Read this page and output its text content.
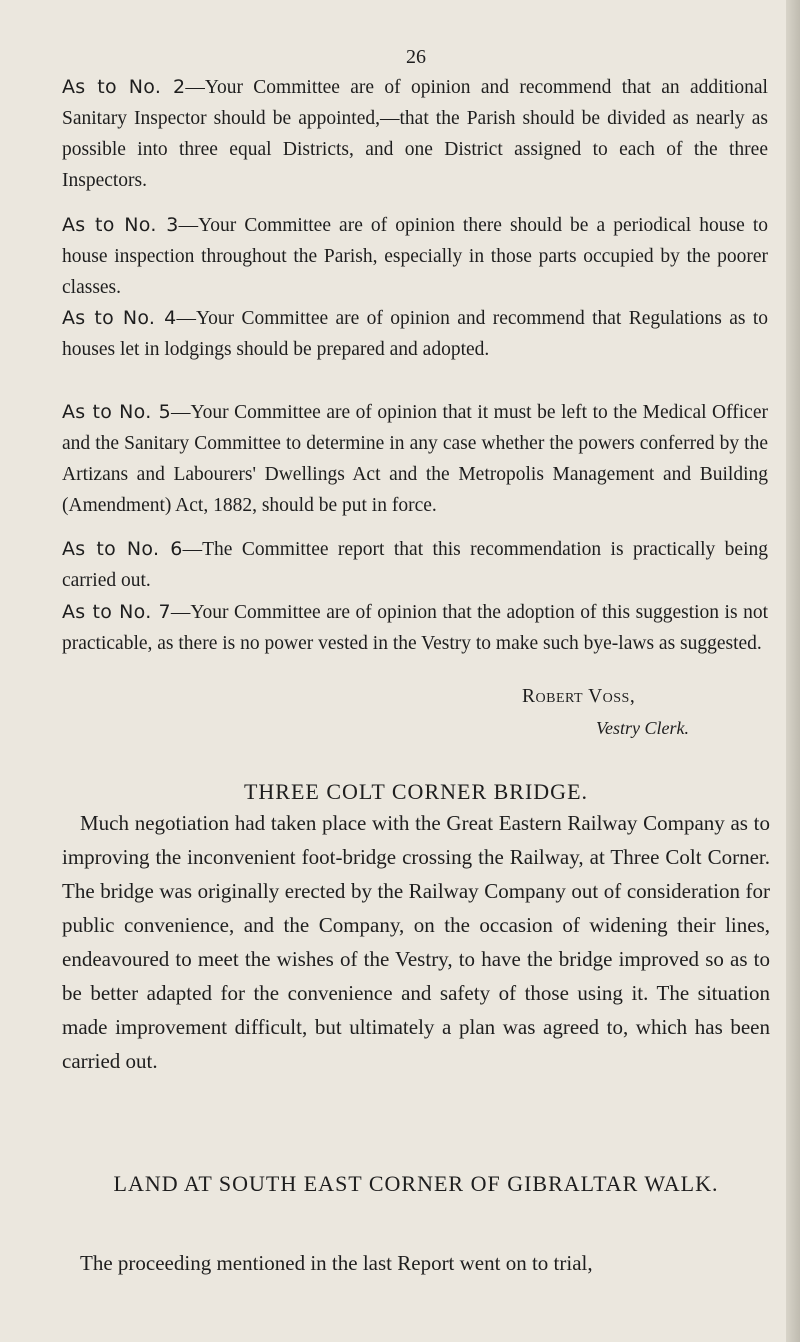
26

As to No. 2—Your Committee are of opinion and recommend that an additional Sanitary Inspector should be appointed,—that the Parish should be divided as nearly as possible into three equal Districts, and one District assigned to each of the three Inspectors.

As to No. 3—Your Committee are of opinion there should be a periodical house to house inspection throughout the Parish, especially in those parts occupied by the poorer classes.

As to No. 4—Your Committee are of opinion and recommend that Regulations as to houses let in lodgings should be prepared and adopted.

As to No. 5—Your Committee are of opinion that it must be left to the Medical Officer and the Sanitary Committee to determine in any case whether the powers conferred by the Artizans and Labourers' Dwellings Act and the Metropolis Management and Building (Amendment) Act, 1882, should be put in force.

As to No. 6—The Committee report that this recommendation is practically being carried out.

As to No. 7—Your Committee are of opinion that the adoption of this suggestion is not practicable, as there is no power vested in the Vestry to make such bye-laws as suggested.

Robert Voss,
Vestry Clerk.
THREE COLT CORNER BRIDGE.

Much negotiation had taken place with the Great Eastern Railway Company as to improving the inconvenient foot-bridge crossing the Railway, at Three Colt Corner. The bridge was originally erected by the Railway Company out of consideration for public convenience, and the Company, on the occasion of widening their lines, endeavoured to meet the wishes of the Vestry, to have the bridge improved so as to be better adapted for the convenience and safety of those using it. The situation made improvement difficult, but ultimately a plan was agreed to, which has been carried out.

LAND AT SOUTH EAST CORNER OF GIBRALTAR WALK.

The proceeding mentioned in the last Report went on to trial,
